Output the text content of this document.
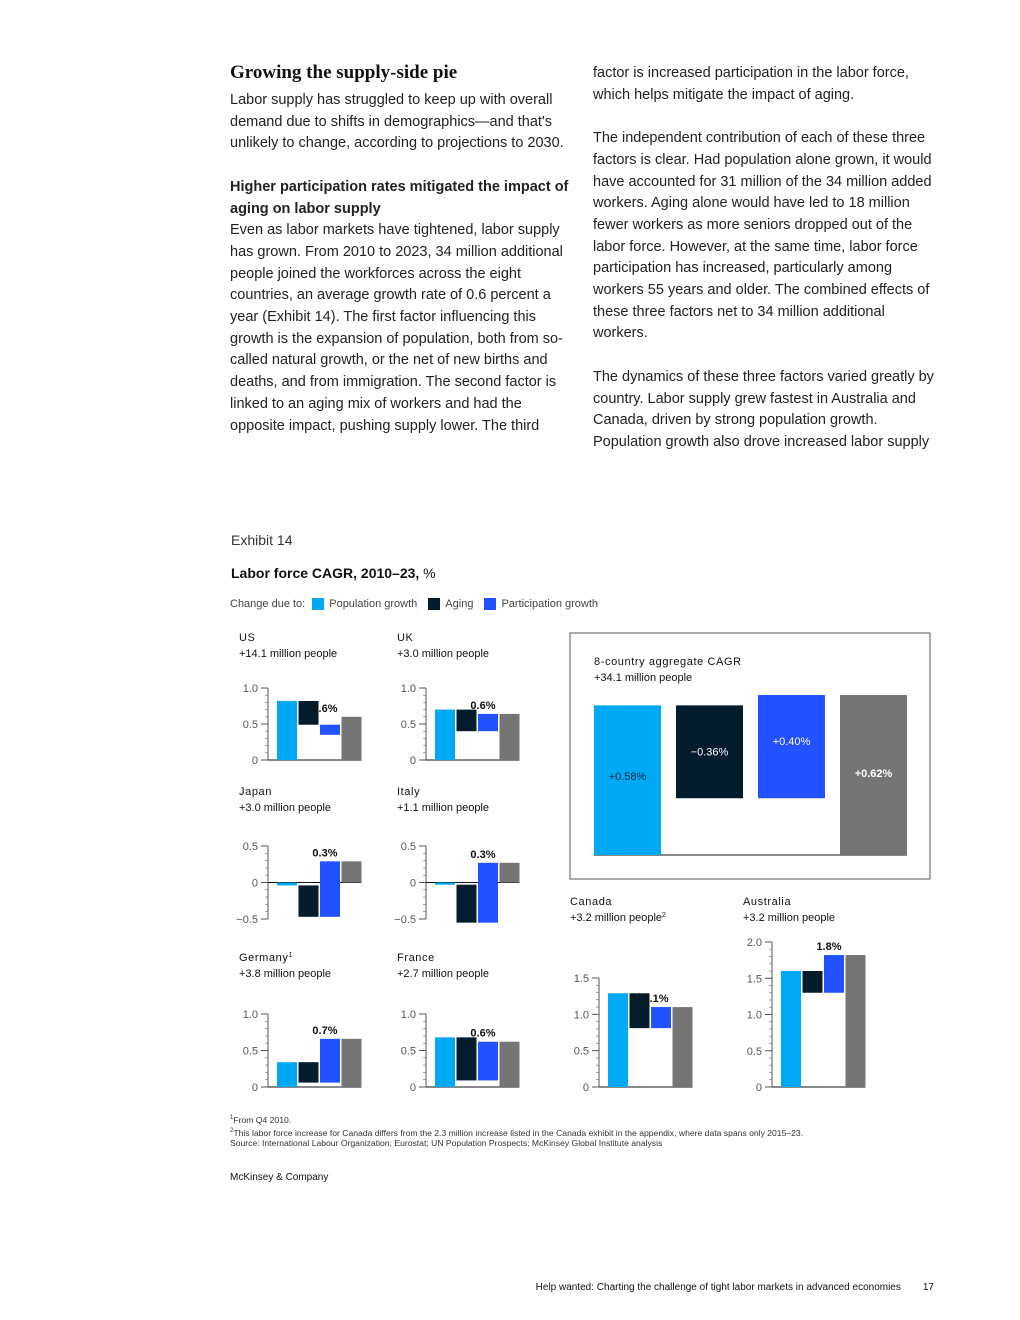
Growing the supply-side pie

Labor supply has struggled to keep up with overall demand due to shifts in demographics—and that's unlikely to change, according to projections to 2030.

Higher participation rates mitigated the impact of aging on labor supply
Even as labor markets have tightened, labor supply has grown. From 2010 to 2023, 34 million additional people joined the workforces across the eight countries, an average growth rate of 0.6 percent a year (Exhibit 14). The first factor influencing this growth is the expansion of population, both from so-called natural growth, or the net of new births and deaths, and from immigration. The second factor is linked to an aging mix of workers and had the opposite impact, pushing supply lower. The third

factor is increased participation in the labor force, which helps mitigate the impact of aging.

The independent contribution of each of these three factors is clear. Had population alone grown, it would have accounted for 31 million of the 34 million added workers. Aging alone would have led to 18 million fewer workers as more seniors dropped out of the labor force. However, at the same time, labor force participation has increased, particularly among workers 55 years and older. The combined effects of these three factors net to 34 million additional workers.

The dynamics of these three factors varied greatly by country. Labor supply grew fastest in Australia and Canada, driven by strong population growth. Population growth also drove increased labor supply

Exhibit 14
Labor force CAGR, 2010–23, %
Change due to: Population growth	Aging	Participation growth
US
+14.1 million people
1.0
0.5
0
0.6%
UK
+3.0 million people
1.0
0.5
0
0.6%
Japan
+3.0 million people
0.5
0
−0.5
0.3%
Italy
+1.1 million people
0.5
0
−0.5
0.3%
Germany$^1$
+3.8 million people
1.0
0.5
0
0.7%
France
+2.7 million people
1.0
0.5
0
0.6%
Canada
+3.2 million people$^2$
1.5
1.0
0.5
0
1.1%
Australia
+3.2 million people
2.0
1.5
1.0
0.5
0
1.8%
8-country aggregate CAGR
+34.1 million people
+0.58%
−0.36%
+0.40%
+0.62%
$^1$From Q4 2010.
$^2$This labor force increase for Canada differs from the 2.3 million increase listed in the Canada exhibit in the appendix, where data spans only 2015–23.
Source: International Labour Organization; Eurostat; UN Population Prospects; McKinsey Global Institute analysis
McKinsey & Company
Help wanted: Charting the challenge of tight labor markets in advanced economies 17
